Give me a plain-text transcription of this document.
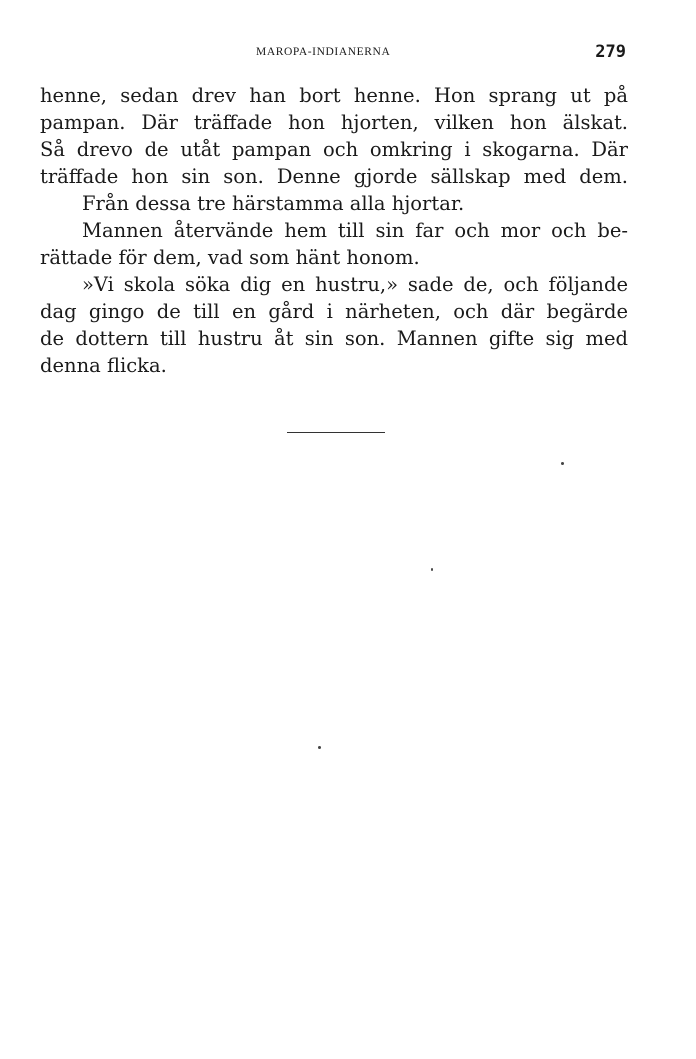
MAROPA-INDIANERNA	279
henne, sedan drev han bort henne. Hon sprang ut på
pampan. Där träffade hon hjorten, vilken hon älskat.
Så drevo de utåt pampan och omkring i skogarna. Där
träffade hon sin son. Denne gjorde sällskap med dem.
Från dessa tre härstamma alla hjortar.
Mannen återvände hem till sin far och mor och be-
rättade för dem, vad som hänt honom.
»Vi skola söka dig en hustru,» sade de, och följande
dag gingo de till en gård i närheten, och där begärde
de dottern till hustru åt sin son. Mannen gifte sig med
denna flicka.
